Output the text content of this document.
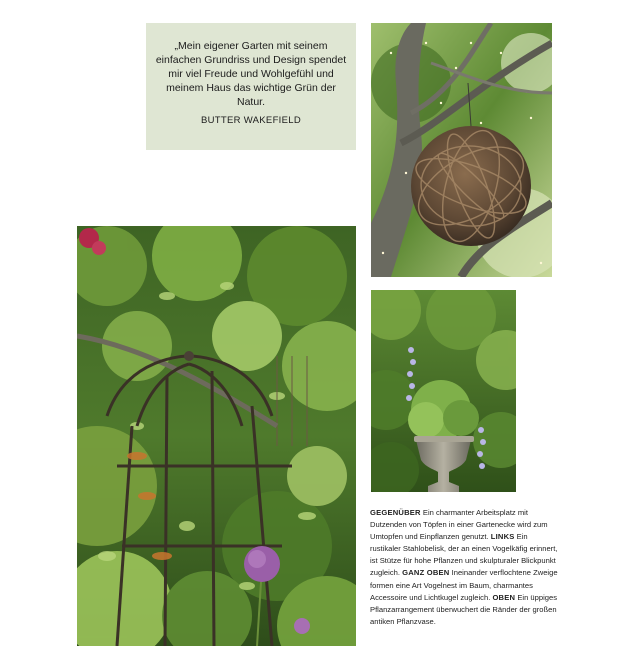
„Mein eigener Garten mit seinem einfachen Grundriss und Design spendet mir viel Freude und Wohlgefühl und meinem Haus das wichtige Grün der Natur.

BUTTER WAKEFIELD
GEGENÜBER Ein charmanter Arbeitsplatz mit Dutzenden von Töpfen in einer Gartenecke wird zum Umtopfen und Einpflanzen genutzt. LINKS Ein rustikaler Stahlobelisk, der an einen Vogelkäfig erinnert, ist Stütze für hohe Pflanzen und skulpturaler Blickpunkt zugleich. GANZ OBEN Ineinander verflochtene Zweige formen eine Art Vogelnest im Baum, charmantes Accessoire und Lichtkugel zugleich. OBEN Ein üppiges Pflanzarrangement überwuchert die Ränder der großen antiken Pflanzvase.
